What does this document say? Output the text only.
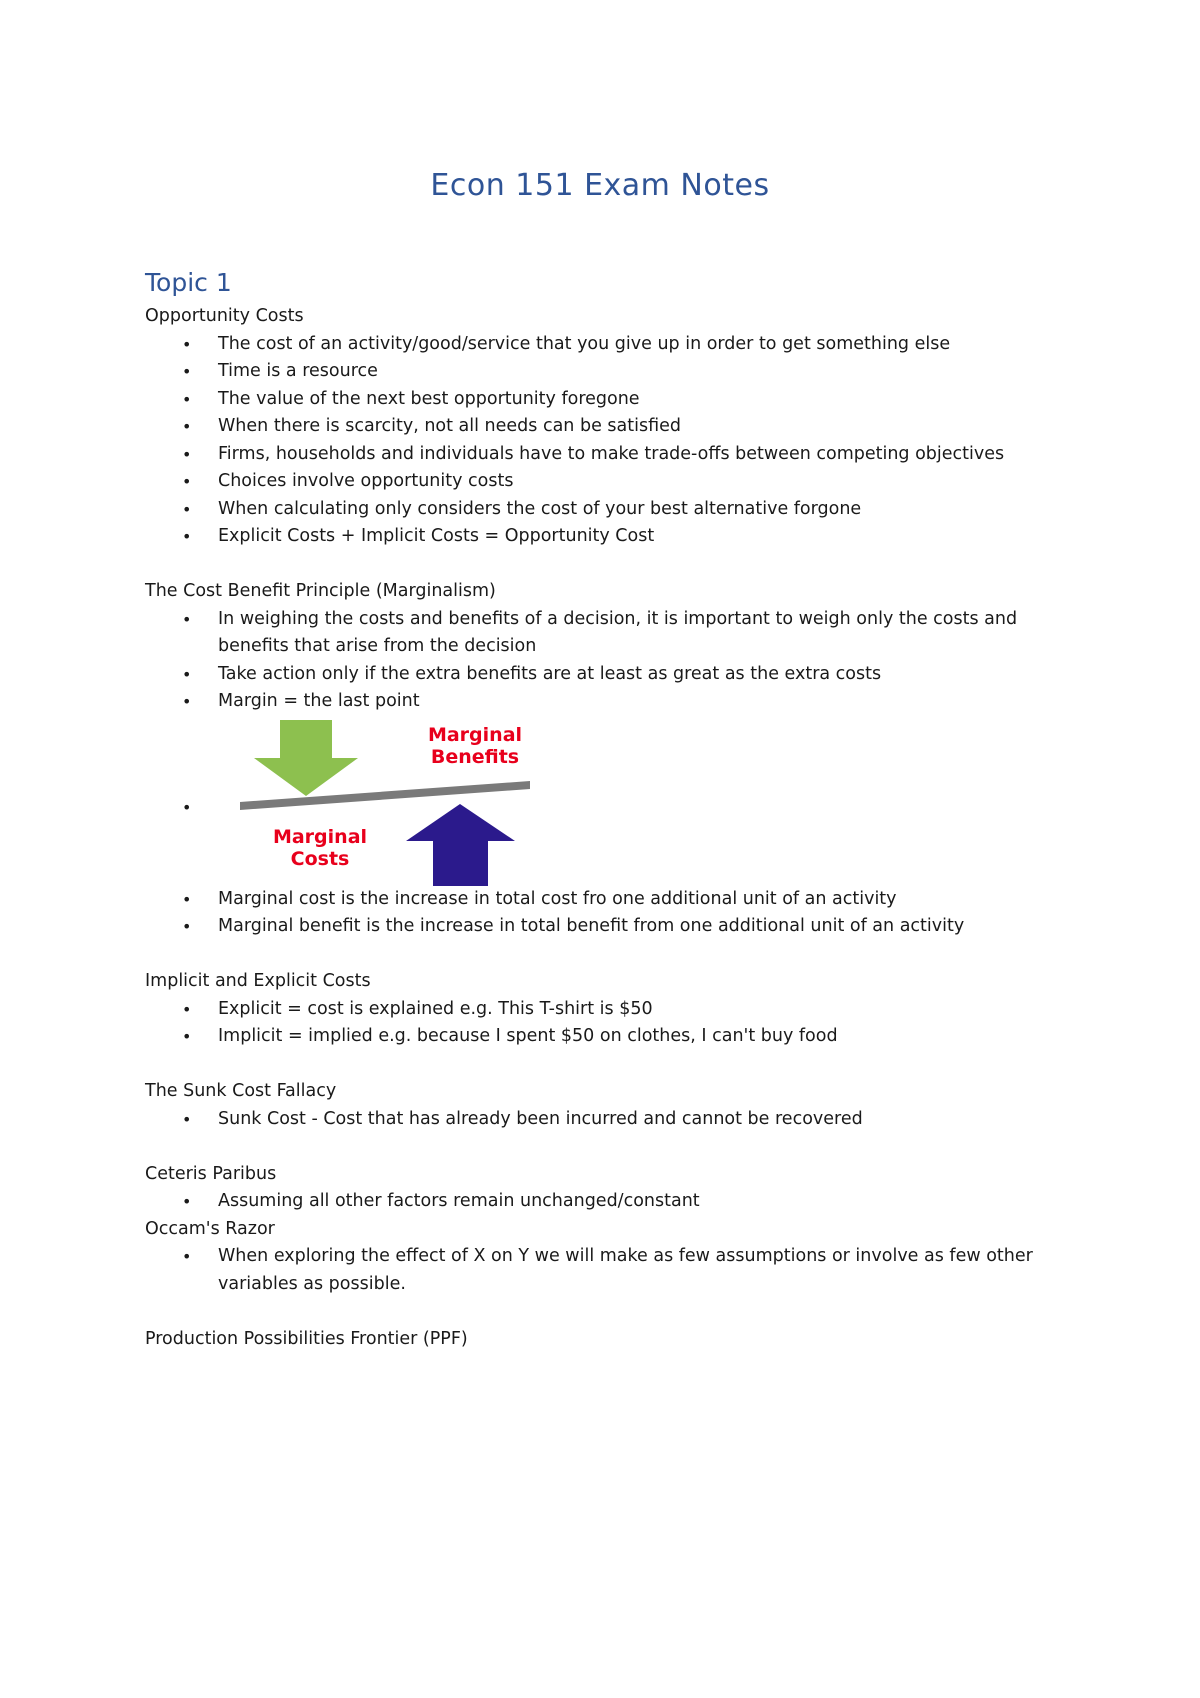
Econ 151 Exam Notes
Topic 1
Opportunity Costs
• The cost of an activity/good/service that you give up in order to get something else
• Time is a resource
• The value of the next best opportunity foregone
• When there is scarcity, not all needs can be satisfied
• Firms, households and individuals have to make trade-offs between competing objectives
• Choices involve opportunity costs
• When calculating only considers the cost of your best alternative forgone
• Explicit Costs + Implicit Costs = Opportunity Cost
The Cost Benefit Principle (Marginalism)
• In weighing the costs and benefits of a decision, it is important to weigh only the costs and benefits that arise from the decision
• Take action only if the extra benefits are at least as great as the extra costs
• Margin = the last point
•
Marginal
Benefits
Marginal
Costs
• Marginal cost is the increase in total cost fro one additional unit of an activity
• Marginal benefit is the increase in total benefit from one additional unit of an activity
Implicit and Explicit Costs
• Explicit = cost is explained e.g. This T-shirt is $50
• Implicit = implied e.g. because I spent $50 on clothes, I can't buy food
The Sunk Cost Fallacy
• Sunk Cost - Cost that has already been incurred and cannot be recovered
Ceteris Paribus
• Assuming all other factors remain unchanged/constant
Occam's Razor
• When exploring the effect of X on Y we will make as few assumptions or involve as few other variables as possible.
Production Possibilities Frontier (PPF)
